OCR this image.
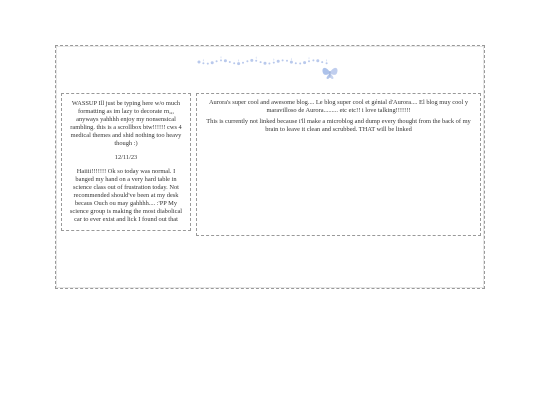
WASSUP Ill just be typing here w/o much formatting as im lazy to decorate rn,,, anyways yahhhh enjoy my nonsensical rambling. this is a scrollbox btw!!!!!! cws 4 medical themes and shid nothing too heavy though :)

12/11/23

Haiiii!!!!!!! Ok so today was normal. I banged my hand on a very hard table in science class out of frustration today. Not recommended should've been at my desk becaus Ouch ou may gahhhh.... :'PP My science group is making the most diabolical car to ever exist and lick I found out that

Aurora's super cool and awesome blog.... Le blog super cool et génial d'Aurora.... El blog muy cool y maravilloso de Aurora......... etc etc!! i love talking!!!!!!!

This is currently not linked because i'll make a microblog and dump every thought from the back of my brain to leave it clean and scrubbed. THAT will be linked
